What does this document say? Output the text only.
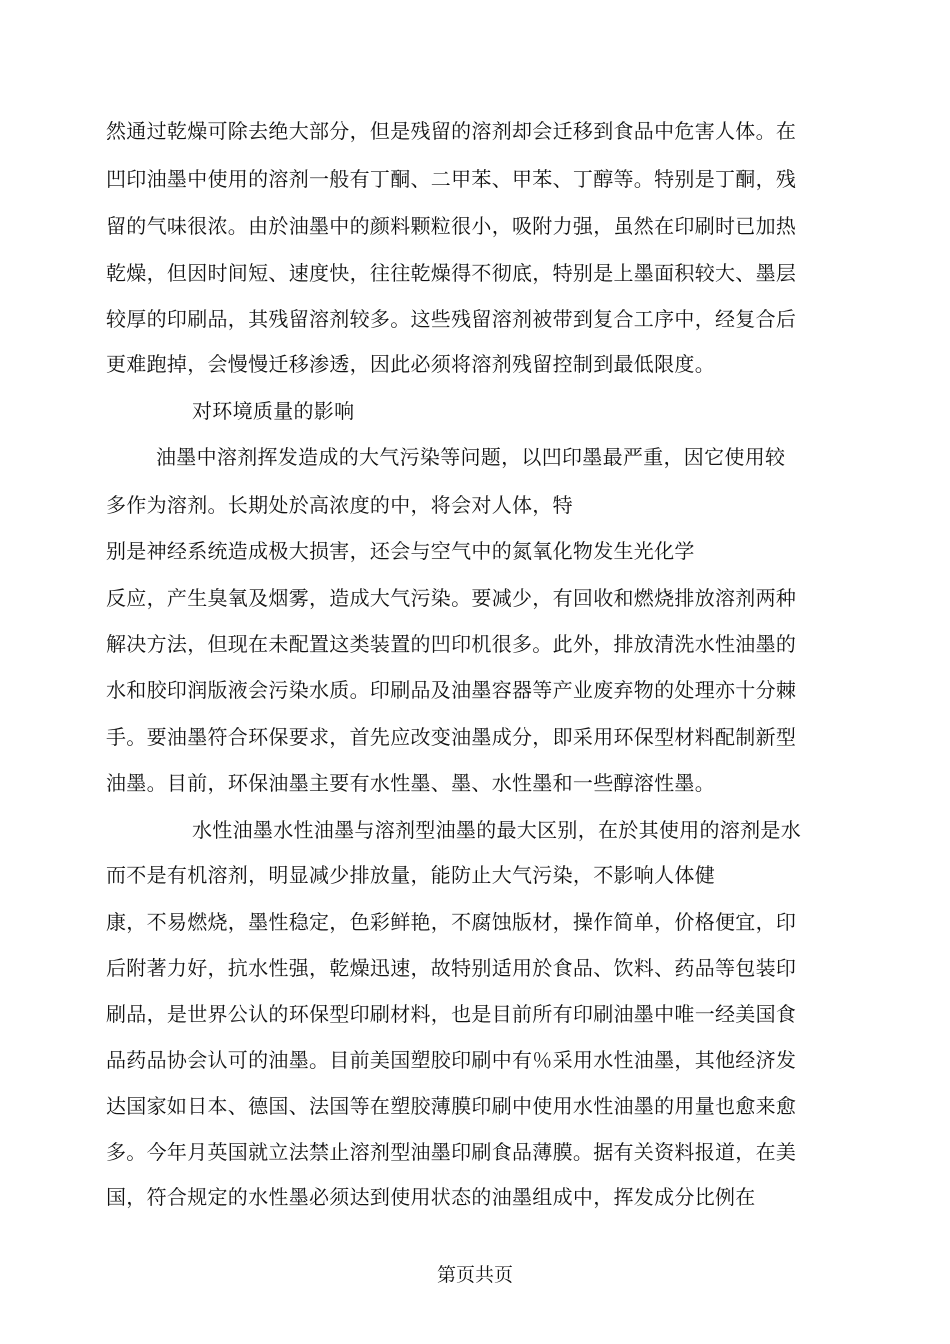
然通过乾燥可除去绝大部分，但是残留的溶剂却会迁移到食品中危害人体。在
凹印油墨中使用的溶剂一般有丁酮、二甲苯、甲苯、丁醇等。特别是丁酮，残
留的气味很浓。由於油墨中的颜料颗粒很小，吸附力强，虽然在印刷时已加热
乾燥，但因时间短、速度快，往往乾燥得不彻底，特别是上墨面积较大、墨层
较厚的印刷品，其残留溶剂较多。这些残留溶剂被带到复合工序中，经复合后
更难跑掉，会慢慢迁移渗透，因此必须将溶剂残留控制到最低限度。
对环境质量的影响
油墨中溶剂挥发造成的大气污染等问题，以凹印墨最严重，因它使用较
多作为溶剂。长期处於高浓度的中，将会对人体，特
别是神经系统造成极大损害，还会与空气中的氮氧化物发生光化学
反应，产生臭氧及烟雾，造成大气污染。要减少，有回收和燃烧排放溶剂两种
解决方法，但现在未配置这类装置的凹印机很多。此外，排放清洗水性油墨的
水和胶印润版液会污染水质。印刷品及油墨容器等产业废弃物的处理亦十分棘
手。要油墨符合环保要求，首先应改变油墨成分，即采用环保型材料配制新型
油墨。目前，环保油墨主要有水性墨、墨、水性墨和一些醇溶性墨。
水性油墨水性油墨与溶剂型油墨的最大区别，在於其使用的溶剂是水
而不是有机溶剂，明显减少排放量，能防止大气污染，不影响人体健
康，不易燃烧，墨性稳定，色彩鲜艳，不腐蚀版材，操作简单，价格便宜，印
后附著力好，抗水性强，乾燥迅速，故特别适用於食品、饮料、药品等包装印
刷品，是世界公认的环保型印刷材料，也是目前所有印刷油墨中唯一经美国食
品药品协会认可的油墨。目前美国塑胶印刷中有％采用水性油墨，其他经济发
达国家如日本、德国、法国等在塑胶薄膜印刷中使用水性油墨的用量也愈来愈
多。今年月英国就立法禁止溶剂型油墨印刷食品薄膜。据有关资料报道，在美
国，符合规定的水性墨必须达到使用状态的油墨组成中，挥发成分比例在
第页共页
